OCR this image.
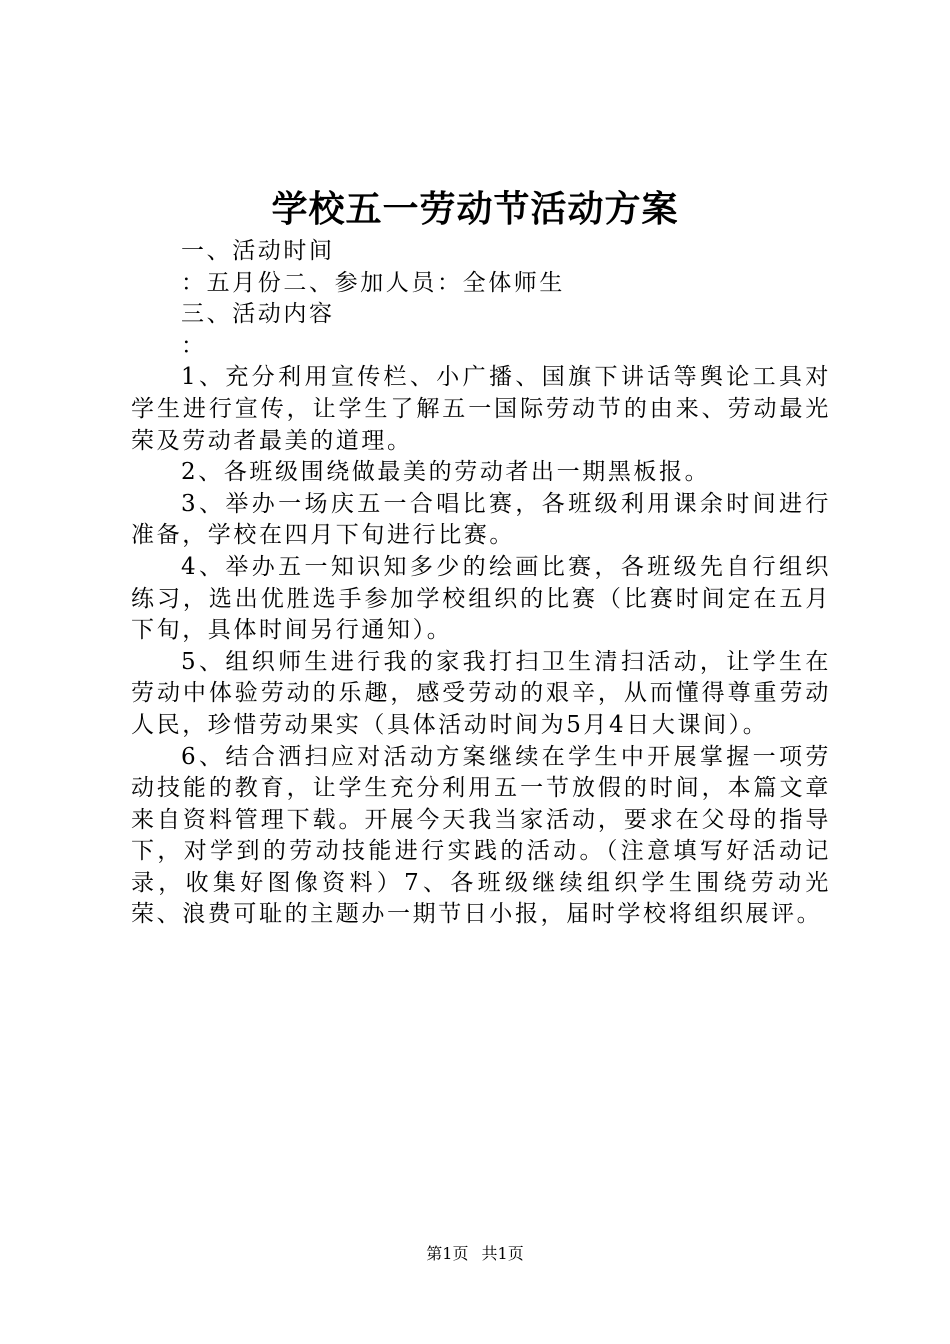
学校五一劳动节活动方案

一、活动时间

：五月份二、参加人员：全体师生

三、活动内容

：

1、充分利用宣传栏、小广播、国旗下讲话等舆论工具对学生进行宣传，让学生了解五一国际劳动节的由来、劳动最光荣及劳动者最美的道理。

2、各班级围绕做最美的劳动者出一期黑板报。

3、举办一场庆五一合唱比赛，各班级利用课余时间进行准备，学校在四月下旬进行比赛。

4、举办五一知识知多少的绘画比赛，各班级先自行组织练习，选出优胜选手参加学校组织的比赛（比赛时间定在五月下旬，具体时间另行通知）。

5、组织师生进行我的家我打扫卫生清扫活动，让学生在劳动中体验劳动的乐趣，感受劳动的艰辛，从而懂得尊重劳动人民，珍惜劳动果实（具体活动时间为5月4日大课间）。

6、结合洒扫应对活动方案继续在学生中开展掌握一项劳动技能的教育，让学生充分利用五一节放假的时间，本篇文章来自资料管理下载。开展今天我当家活动，要求在父母的指导下，对学到的劳动技能进行实践的活动。（注意填写好活动记录，收集好图像资料）7、各班级继续组织学生围绕劳动光荣、浪费可耻的主题办一期节日小报，届时学校将组织展评。

第1页 共1页
